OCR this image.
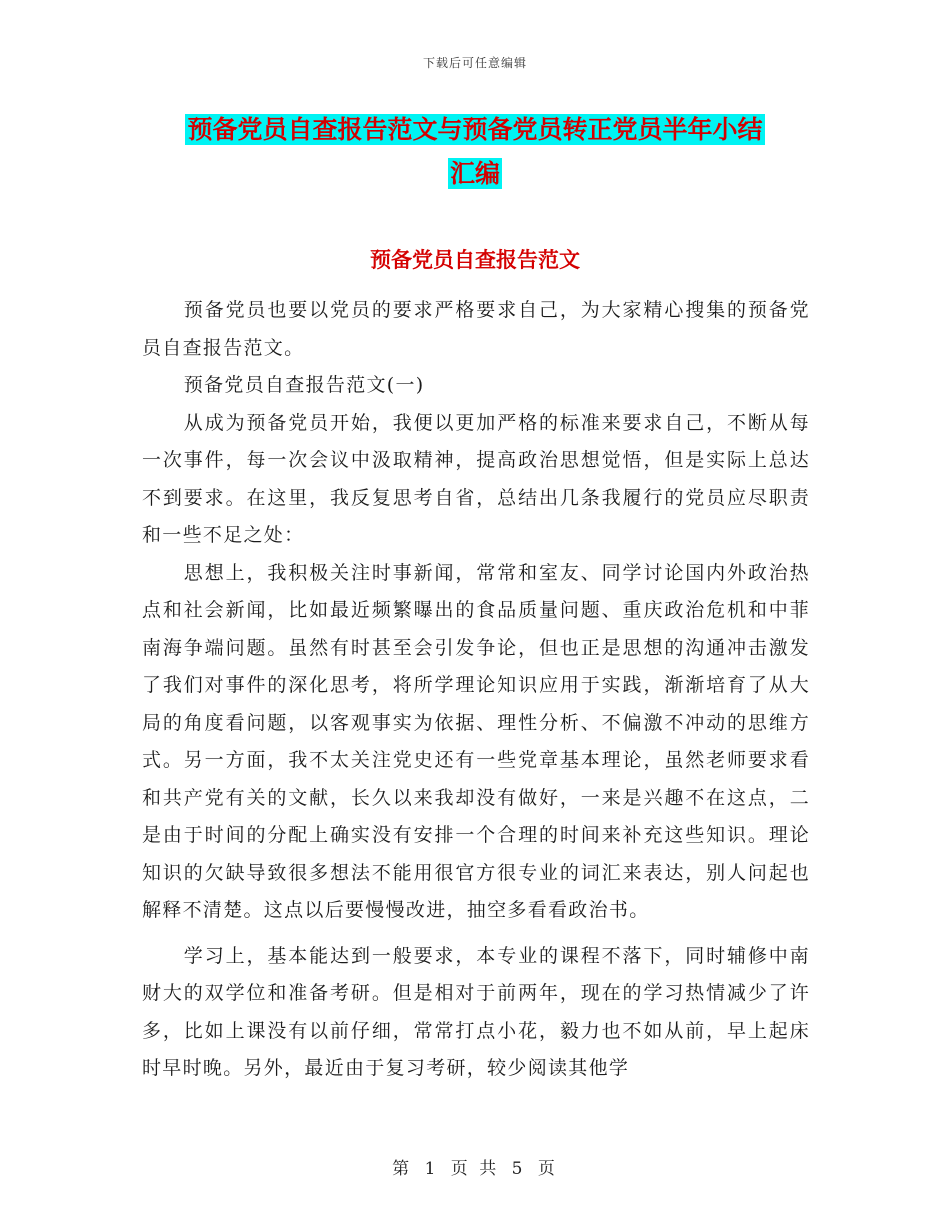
下载后可任意编辑
预备党员自查报告范文与预备党员转正党员半年小结
汇编
预备党员自查报告范文

预备党员也要以党员的要求严格要求自己，为大家精心搜集的预备党员自查报告范文。

预备党员自查报告范文(一)

从成为预备党员开始，我便以更加严格的标准来要求自己，不断从每一次事件，每一次会议中汲取精神，提高政治思想觉悟，但是实际上总达不到要求。在这里，我反复思考自省，总结出几条我履行的党员应尽职责和一些不足之处：

思想上，我积极关注时事新闻，常常和室友、同学讨论国内外政治热点和社会新闻，比如最近频繁曝出的食品质量问题、重庆政治危机和中菲南海争端问题。虽然有时甚至会引发争论，但也正是思想的沟通冲击激发了我们对事件的深化思考，将所学理论知识应用于实践，渐渐培育了从大局的角度看问题，以客观事实为依据、理性分析、不偏激不冲动的思维方式。另一方面，我不太关注党史还有一些党章基本理论，虽然老师要求看和共产党有关的文献，长久以来我却没有做好，一来是兴趣不在这点，二是由于时间的分配上确实没有安排一个合理的时间来补充这些知识。理论知识的欠缺导致很多想法不能用很官方很专业的词汇来表达，别人问起也解释不清楚。这点以后要慢慢改进，抽空多看看政治书。

学习上，基本能达到一般要求，本专业的课程不落下，同时辅修中南财大的双学位和准备考研。但是相对于前两年，现在的学习热情减少了许多，比如上课没有以前仔细，常常打点小花，毅力也不如从前，早上起床时早时晚。另外，最近由于复习考研，较少阅读其他学

第 1 页 共 5 页
